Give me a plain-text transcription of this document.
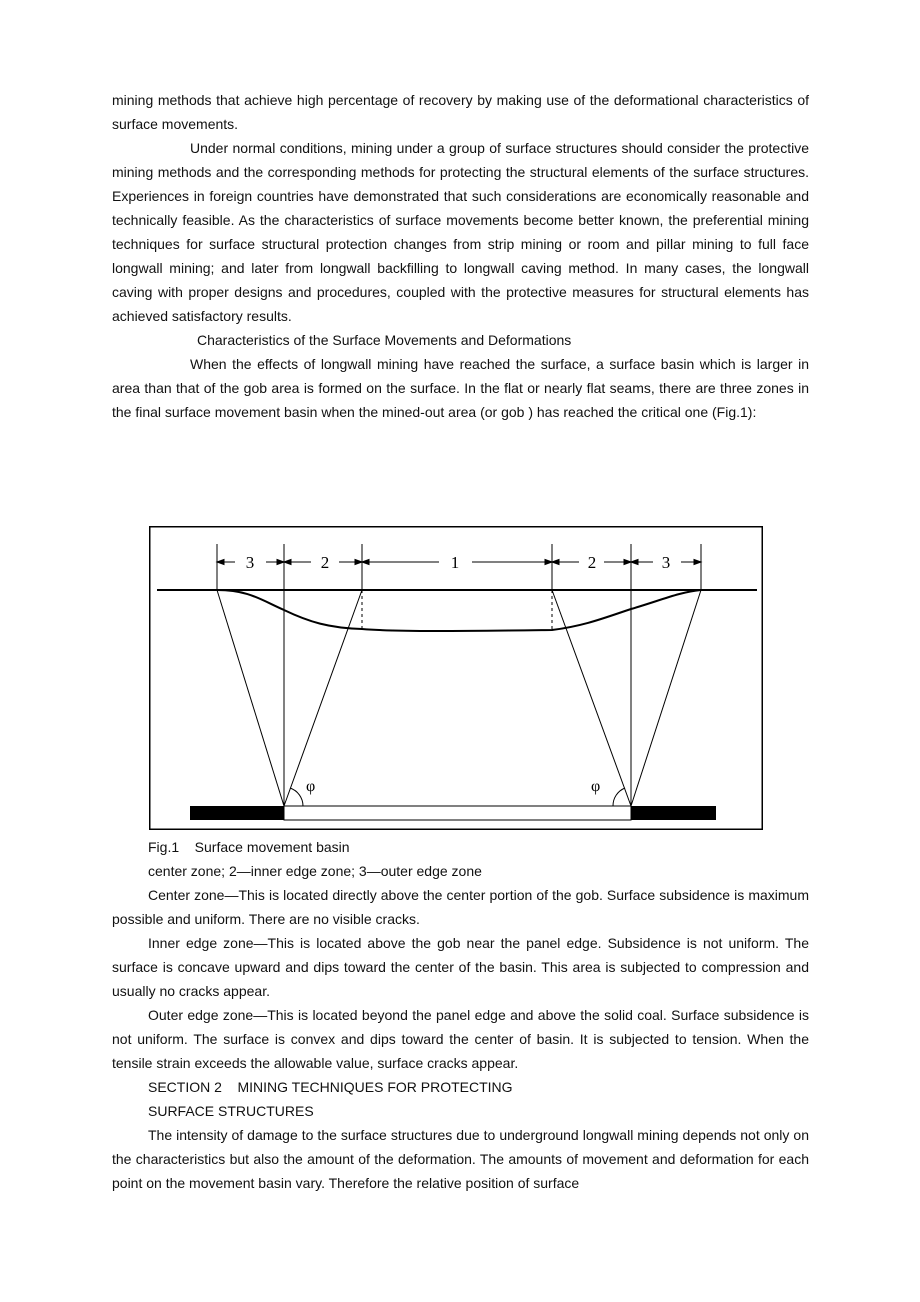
mining methods that achieve high percentage of recovery by making use of the deformational characteristics of surface movements.

Under normal conditions, mining under a group of surface structures should consider the protective mining methods and the corresponding methods for protecting the structural elements of the surface structures. Experiences in foreign countries have demonstrated that such considerations are economically reasonable and technically feasible. As the characteristics of surface movements become better known, the preferential mining techniques for surface structural protection changes from strip mining or room and pillar mining to full face longwall mining; and later from longwall backfilling to longwall caving method. In many cases, the longwall caving with proper designs and procedures, coupled with the protective measures for structural elements has achieved satisfactory results.

Characteristics of the Surface Movements and Deformations

When the effects of longwall mining have reached the surface, a surface basin which is larger in area than that of the gob area is formed on the surface. In the flat or nearly flat seams, there are three zones in the final surface movement basin when the mined-out area (or gob ) has reached the critical one (Fig.1):

3	2	1	2	3
φ	φ

Fig.1    Surface movement basin

center zone; 2—inner edge zone; 3—outer edge zone

Center zone—This is located directly above the center portion of the gob. Surface subsidence is maximum possible and uniform. There are no visible cracks.

Inner edge zone—This is located above the gob near the panel edge. Subsidence is not uniform. The surface is concave upward and dips toward the center of the basin. This area is subjected to compression and usually no cracks appear.

Outer edge zone—This is located beyond the panel edge and above the solid coal. Surface subsidence is not uniform. The surface is convex and dips toward the center of basin. It is subjected to tension. When the tensile strain exceeds the allowable value, surface cracks appear.

SECTION 2    MINING TECHNIQUES FOR PROTECTING

SURFACE STRUCTURES

The intensity of damage to the surface structures due to underground longwall mining depends not only on the characteristics but also the amount of the deformation. The amounts of movement and deformation for each point on the movement basin vary. Therefore the relative position of surface
